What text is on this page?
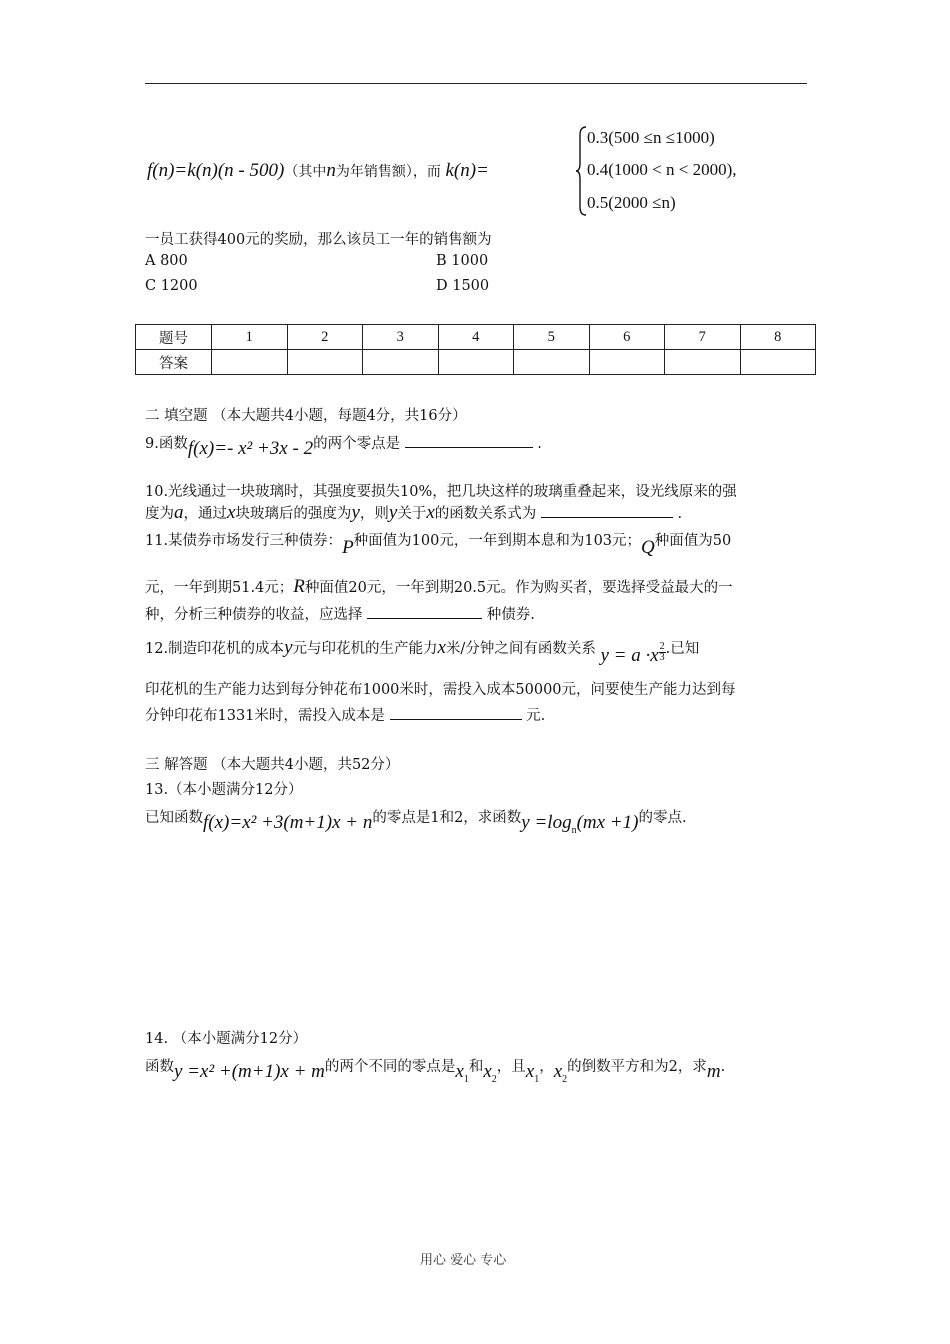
f(n)=k(n)(n - 500)（其中n为年销售额），而 k(n)=
0.3(500 ≤n ≤1000)
0.4(1000 < n < 2000),
0.5(2000 ≤n)
一员工获得400元的奖励，那么该员工一年的销售额为
A 800	B 1000
C 1200	D 1500
题号	1	2	3	4	5	6	7	8
答案								
二 填空题 （本大题共4小题，每题4分，共16分）
9.函数f(x)=- x² +3x - 2的两个零点是	.
10.光线通过一块玻璃时，其强度要损失10%，把几块这样的玻璃重叠起来，设光线原来的强
度为a，通过x块玻璃后的强度为y，则y关于x的函数关系式为	.
11.某债券市场发行三种债券：P种面值为100元，一年到期本息和为103元；Q种面值为50
元，一年到期51.4元；R种面值20元，一年到期20.5元。作为购买者，要选择受益最大的一
种，分析三种债券的收益，应选择	种债券.
12.制造印花机的成本y元与印花机的生产能力x米/分钟之间有函数关系 $y = a \cdot x \frac{2}{3}$ .已知
印花机的生产能力达到每分钟花布1000米时，需投入成本50000元，问要使生产能力达到每
分钟印花布1331米时，需投入成本是	元.
三 解答题 （本大题共4小题，共52分）
13.（本小题满分12分）
已知函数f(x)=x² +3(m+1)x + n的零点是1和2，求函数$y =\log_n(mx +1)$的零点.
14. （本小题满分12分）
函数y =x² +(m+1)x + m的两个不同的零点是$x_1$和$x_2$，且$x_1$，$x_2$的倒数平方和为2，求m.
用心 爱心 专心
